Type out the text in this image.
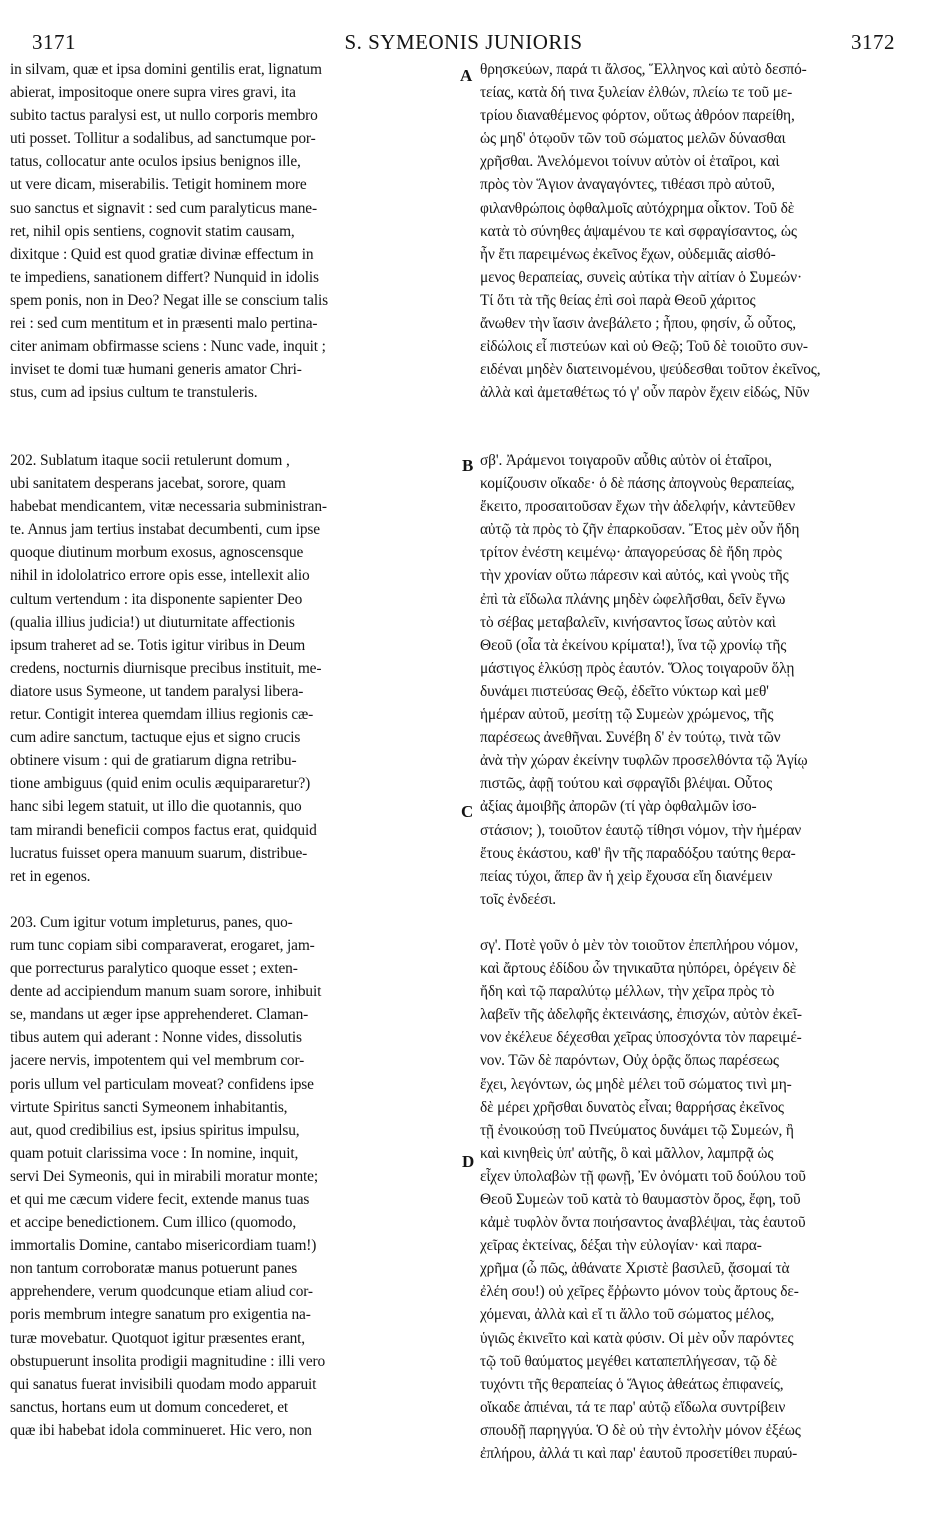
3171	S. SYMEONIS JUNIORIS	3172
in silvam, quæ et ipsa domini gentilis erat, lignatum
abierat, impositoque onere supra vires gravi, ita
subito tactus paralysi est, ut nullo corporis membro
uti posset. Tollitur a sodalibus, ad sanctumque por-
tatus, collocatur ante oculos ipsius benignos ille,
ut vere dicam, miserabilis. Tetigit hominem more
suo sanctus et signavit : sed cum paralyticus mane-
ret, nihil opis sentiens, cognovit statim causam,
dixitque : Quid est quod gratiæ divinæ effectum in
te impediens, sanationem differt? Nunquid in idolis
spem ponis, non in Deo? Negat ille se conscium talis
rei : sed cum mentitum et in præsenti malo pertina-
citer animam obfirmasse sciens : Nunc vade, inquit ;
inviset te domi tuæ humani generis amator Chri-
stus, cum ad ipsius cultum te transtuleris.
θρησκεύων, παρά τι ἄλσος, Ἕλληνος καὶ αὐτὸ δεσπό-
τείας, κατὰ δή τινα ξυλείαν ἐλθών, πλείω τε τοῦ με-
τρίου διαναθέμενος φόρτον, οὕτως ἀθρόον παρείθη,
ὡς μηδ' ὁτῳοῦν τῶν τοῦ σώματος μελῶν δύνασθαι
χρῆσθαι. Ἀνελόμενοι τοίνυν αὐτὸν οἱ ἑταῖροι, καὶ
πρὸς τὸν Ἅγιον ἀναγαγόντες, τιθέασι πρὸ αὐτοῦ,
φιλανθρώποις ὀφθαλμοῖς αὐτόχρημα οἶκτον. Τοῦ δὲ
κατὰ τὸ σύνηθες ἁψαμένου τε καὶ σφραγίσαντος, ὡς
ἦν ἔτι παρειμένως ἐκεῖνος ἔχων, οὐδεμιᾶς αἰσθό-
μενος θεραπείας, συνεὶς αὐτίκα τὴν αἰτίαν ὁ Συμεών·
Τί ὅτι τὰ τῆς θείας ἐπὶ σοὶ παρὰ Θεοῦ χάριτος
ἄνωθεν τὴν ἴασιν ἀνεβάλετο ; ἦπου, φησίν, ὦ οὗτος,
εἰδώλοις εἶ πιστεύων καὶ οὐ Θεῷ; Τοῦ δὲ τοιοῦτο συν-
ειδέναι μηδὲν διατεινομένου, ψεύδεσθαι τοῦτον ἐκεῖνος,
ἀλλὰ καὶ ἀμεταθέτως τό γ' οὖν παρὸν ἔχειν εἰδώς, Νῦν
202. Sublatum itaque socii retulerunt domum ,
ubi sanitatem desperans jacebat, sorore, quam
habebat mendicantem, vitæ necessaria subministran-
te. Annus jam tertius instabat decumbenti, cum ipse
quoque diutinum morbum exosus, agnoscensque
nihil in idololatrico errore opis esse, intellexit alio
cultum vertendum : ita disponente sapienter Deo
(qualia illius judicia!) ut diuturnitate affectionis
ipsum traheret ad se. Totis igitur viribus in Deum
credens, nocturnis diurnisque precibus instituit, me-
diatore usus Symeone, ut tandem paralysi libera-
retur. Contigit interea quemdam illius regionis cæ-
cum adire sanctum, tactuque ejus et signo crucis
obtinere visum : qui de gratiarum digna retribu-
tione ambiguus (quid enim oculis æquipararetur?)
hanc sibi legem statuit, ut illo die quotannis, quo
tam mirandi beneficii compos factus erat, quidquid
lucratus fuisset opera manuum suarum, distribue-
ret in egenos.
203. Cum igitur votum impleturus, panes, quo-
rum tunc copiam sibi comparaverat, erogaret, jam-
que porrecturus paralytico quoque esset ; exten-
dente ad accipiendum manum suam sorore, inhibuit
se, mandans ut æger ipse apprehenderet. Claman-
tibus autem qui aderant : Nonne vides, dissolutis
jacere nervis, impotentem qui vel membrum cor-
poris ullum vel particulam moveat? confidens ipse
virtute Spiritus sancti Symeonem inhabitantis,
aut, quod credibilius est, ipsius spiritus impulsu,
quam potuit clarissima voce : In nomine, inquit,
servi Dei Symeonis, qui in mirabili moratur monte;
et qui me cæcum videre fecit, extende manus tuas
et accipe benedictionem. Cum illico (quomodo,
immortalis Domine, cantabo misericordiam tuam!)
non tantum corroboratæ manus potuerunt panes
apprehendere, verum quodcunque etiam aliud cor-
poris membrum integre sanatum pro exigentia na-
turæ movebatur. Quotquot igitur præsentes erant,
obstupuerunt insolita prodigii magnitudine : illi vero
qui sanatus fuerat invisibili quodam modo apparuit
sanctus, hortans eum ut domum concederet, et
quæ ibi habebat idola comminueret. Hic vero, non
σβ'. Ἀράμενοι τοιγαροῦν αὖθις αὐτὸν οἱ ἑταῖροι,
κομίζουσιν οἴκαδε· ὁ δὲ πάσης ἀπογνοὺς θεραπείας,
ἔκειτο, προσαιτοῦσαν ἔχων τὴν ἀδελφήν, κἀντεῦθεν
αὐτῷ τὰ πρὸς τὸ ζῆν ἐπαρκοῦσαν. Ἔτος μὲν οὖν ἤδη
τρίτον ἐνέστη κειμένῳ· ἀπαγορεύσας δὲ ἤδη πρὸς
τὴν χρονίαν οὕτω πάρεσιν καὶ αὐτός, καὶ γνοὺς τῆς
ἐπὶ τὰ εἴδωλα πλάνης μηδὲν ὠφελῆσθαι, δεῖν ἔγνω
τὸ σέβας μεταβαλεῖν, κινήσαντος ἴσως αὐτὸν καὶ
Θεοῦ (οἷα τὰ ἐκείνου κρίματα!), ἵνα τῷ χρονίῳ τῆς
μάστιγος ἑλκύσῃ πρὸς ἑαυτόν. Ὅλος τοιγαροῦν ὅλῃ
δυνάμει πιστεύσας Θεῷ, ἐδεῖτο νύκτωρ καὶ μεθ'
ἡμέραν αὐτοῦ, μεσίτῃ τῷ Συμεὼν χρώμενος, τῆς
παρέσεως ἀνεθῆναι. Συνέβη δ' ἐν τούτῳ, τινὰ τῶν
ἀνὰ τὴν χώραν ἐκείνην τυφλῶν προσελθόντα τῷ Ἁγίῳ
πιστῶς, ἀφῇ τούτου καὶ σφραγῖδι βλέψαι. Οὗτος
ἀξίας ἀμοιβῆς ἀπορῶν (τί γὰρ ὀφθαλμῶν ἰσο-
στάσιον; ), τοιοῦτον ἑαυτῷ τίθησι νόμον, τὴν ἡμέραν
ἔτους ἑκάστου, καθ' ἣν τῆς παραδόξου ταύτης θερα-
πείας τύχοι, ἅπερ ἂν ἡ χεὶρ ἔχουσα εἴη διανέμειν
τοῖς ἐνδεέσι.
σγ'. Ποτὲ γοῦν ὁ μὲν τὸν τοιοῦτον ἐπεπλήρου νόμον,
καὶ ἄρτους ἐδίδου ὧν τηνικαῦτα ηὐπόρει, ὀρέγειν δὲ
ἤδη καὶ τῷ παραλύτῳ μέλλων, τὴν χεῖρα πρὸς τὸ
λαβεῖν τῆς ἀδελφῆς ἐκτεινάσης, ἐπισχών, αὐτὸν ἐκεῖ-
νον ἐκέλευε δέχεσθαι χεῖρας ὑποσχόντα τὸν παρειμέ-
νον. Τῶν δὲ παρόντων, Οὐχ ὁρᾷς ὅπως παρέσεως
ἔχει, λεγόντων, ὡς μηδὲ μέλει τοῦ σώματος τινὶ μη-
δὲ μέρει χρῆσθαι δυνατὸς εἶναι; θαρρήσας ἐκεῖνος
τῇ ἐνοικούσῃ τοῦ Πνεύματος δυνάμει τῷ Συμεών, ἢ
καὶ κινηθεὶς ὑπ' αὐτῆς, ὃ καὶ μᾶλλον, λαμπρᾷ ὡς
εἶχεν ὑπολαβὼν τῇ φωνῇ, Ἐν ὀνόματι τοῦ δούλου τοῦ
Θεοῦ Συμεὼν τοῦ κατὰ τὸ θαυμαστὸν ὄρος, ἔφη, τοῦ
κἀμὲ τυφλὸν ὄντα ποιήσαντος ἀναβλέψαι, τὰς ἑαυτοῦ
χεῖρας ἐκτείνας, δέξαι τὴν εὐλογίαν· καὶ παρα-
χρῆμα (ὦ πῶς, ἀθάνατε Χριστὲ βασιλεῦ, ᾄσομαί τὰ
ἐλέη σου!) οὐ χεῖρες ἔῤῥωντο μόνον τοὺς ἄρτους δε-
χόμεναι, ἀλλὰ καὶ εἴ τι ἄλλο τοῦ σώματος μέλος,
ὑγιῶς ἐκινεῖτο καὶ κατὰ φύσιν. Οἱ μὲν οὖν παρόντες
τῷ τοῦ θαύματος μεγέθει καταπεπλήγεσαν, τῷ δὲ
τυχόντι τῆς θεραπείας ὁ Ἅγιος ἀθεάτως ἐπιφανείς,
οἴκαδε ἀπιέναι, τά τε παρ' αὐτῷ εἴδωλα συντρίβειν
σπουδῇ παρηγγύα. Ὁ δὲ οὐ τὴν ἐντολὴν μόνον ἐξέως
ἐπλήρου, ἀλλά τι καὶ παρ' ἑαυτοῦ προσετίθει πυραύ-
A
B
C
D
